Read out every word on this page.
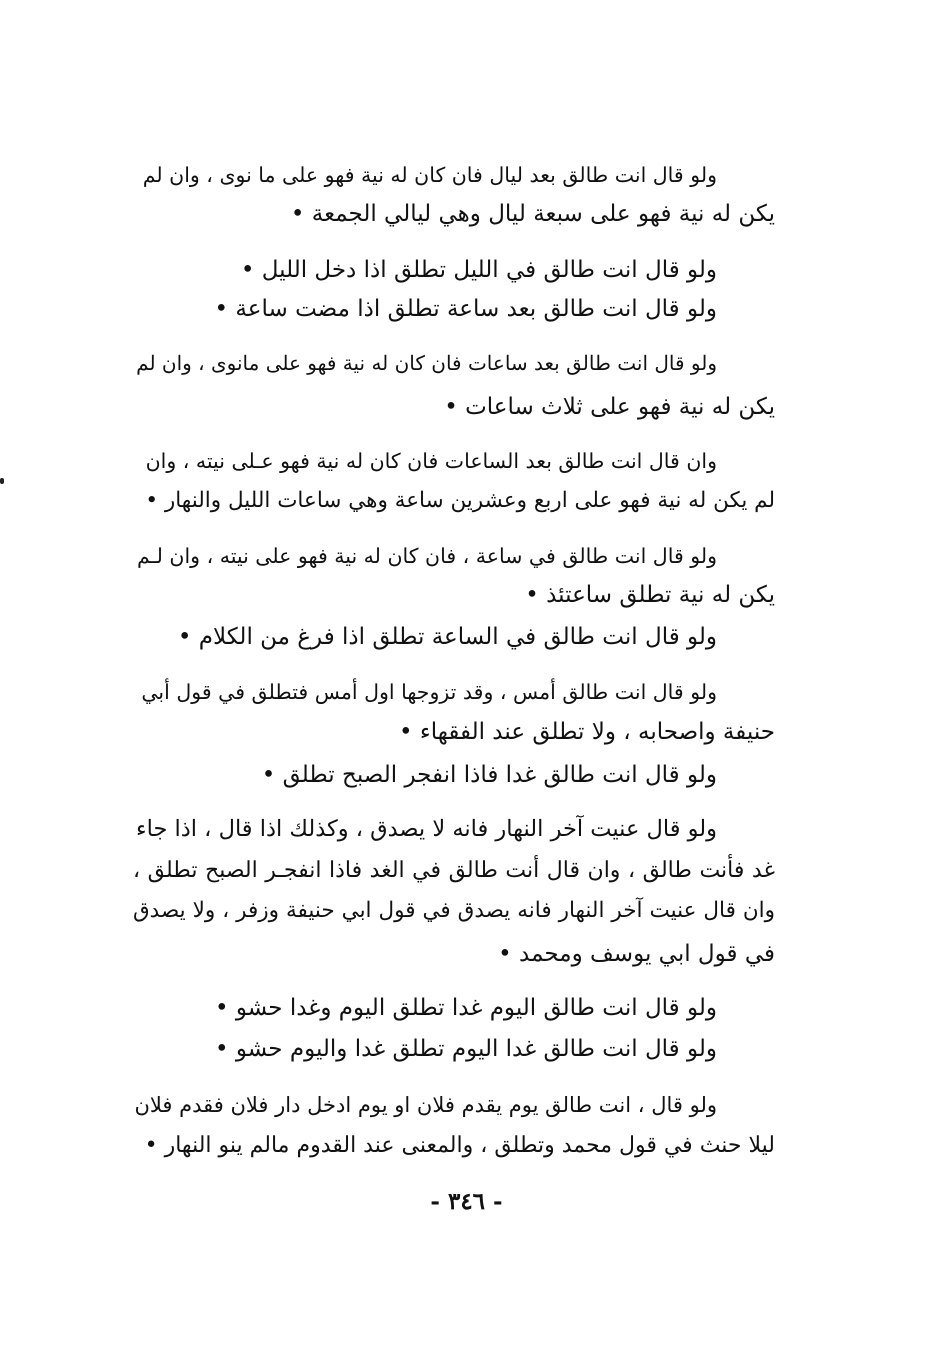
ولو قال انت طالق بعد ليال فان كان له نية فهو على ما نوى ، وان لم
يكن له نية فهو على سبعة ليال وهي ليالي الجمعة •
ولو قال انت طالق في الليل تطلق اذا دخل الليل •
ولو قال انت طالق بعد ساعة تطلق اذا مضت ساعة •
ولو قال انت طالق بعد ساعات فان كان له نية فهو على مانوى ، وان لم
يكن له نية فهو على ثلاث ساعات •
وان قال انت طالق بعد الساعات فان كان له نية فهو عـلى نيته ، وان
لم يكن له نية فهو على اربع وعشرين ساعة وهي ساعات الليل والنهار •
ولو قال انت طالق في ساعة ، فان كان له نية فهو على نيته ، وان لـم
يكن له نية تطلق ساعتئذ •
ولو قال انت طالق في الساعة تطلق اذا فرغ من الكلام •
ولو قال انت طالق أمس ، وقد تزوجها اول أمس فتطلق في قول أبي
حنيفة واصحابه ، ولا تطلق عند الفقهاء •
ولو قال انت طالق غدا فاذا انفجر الصبح تطلق •
ولو قال عنيت آخر النهار فانه لا يصدق ، وكذلك اذا قال ، اذا جاء
غد فأنت طالق ، وان قال أنت طالق في الغد فاذا انفجـر الصبح تطلق ،
وان قال عنيت آخر النهار فانه يصدق في قول ابي حنيفة وزفر ، ولا يصدق
في قول ابي يوسف ومحمد •
ولو قال انت طالق اليوم غدا تطلق اليوم وغدا حشو •
ولو قال انت طالق غدا اليوم تطلق غدا واليوم حشو •
ولو قال ، انت طالق يوم يقدم فلان او يوم ادخل دار فلان فقدم فلان
ليلا حنث في قول محمد وتطلق ، والمعنى عند القدوم مالم ينو النهار •
- ٣٤٦ -
